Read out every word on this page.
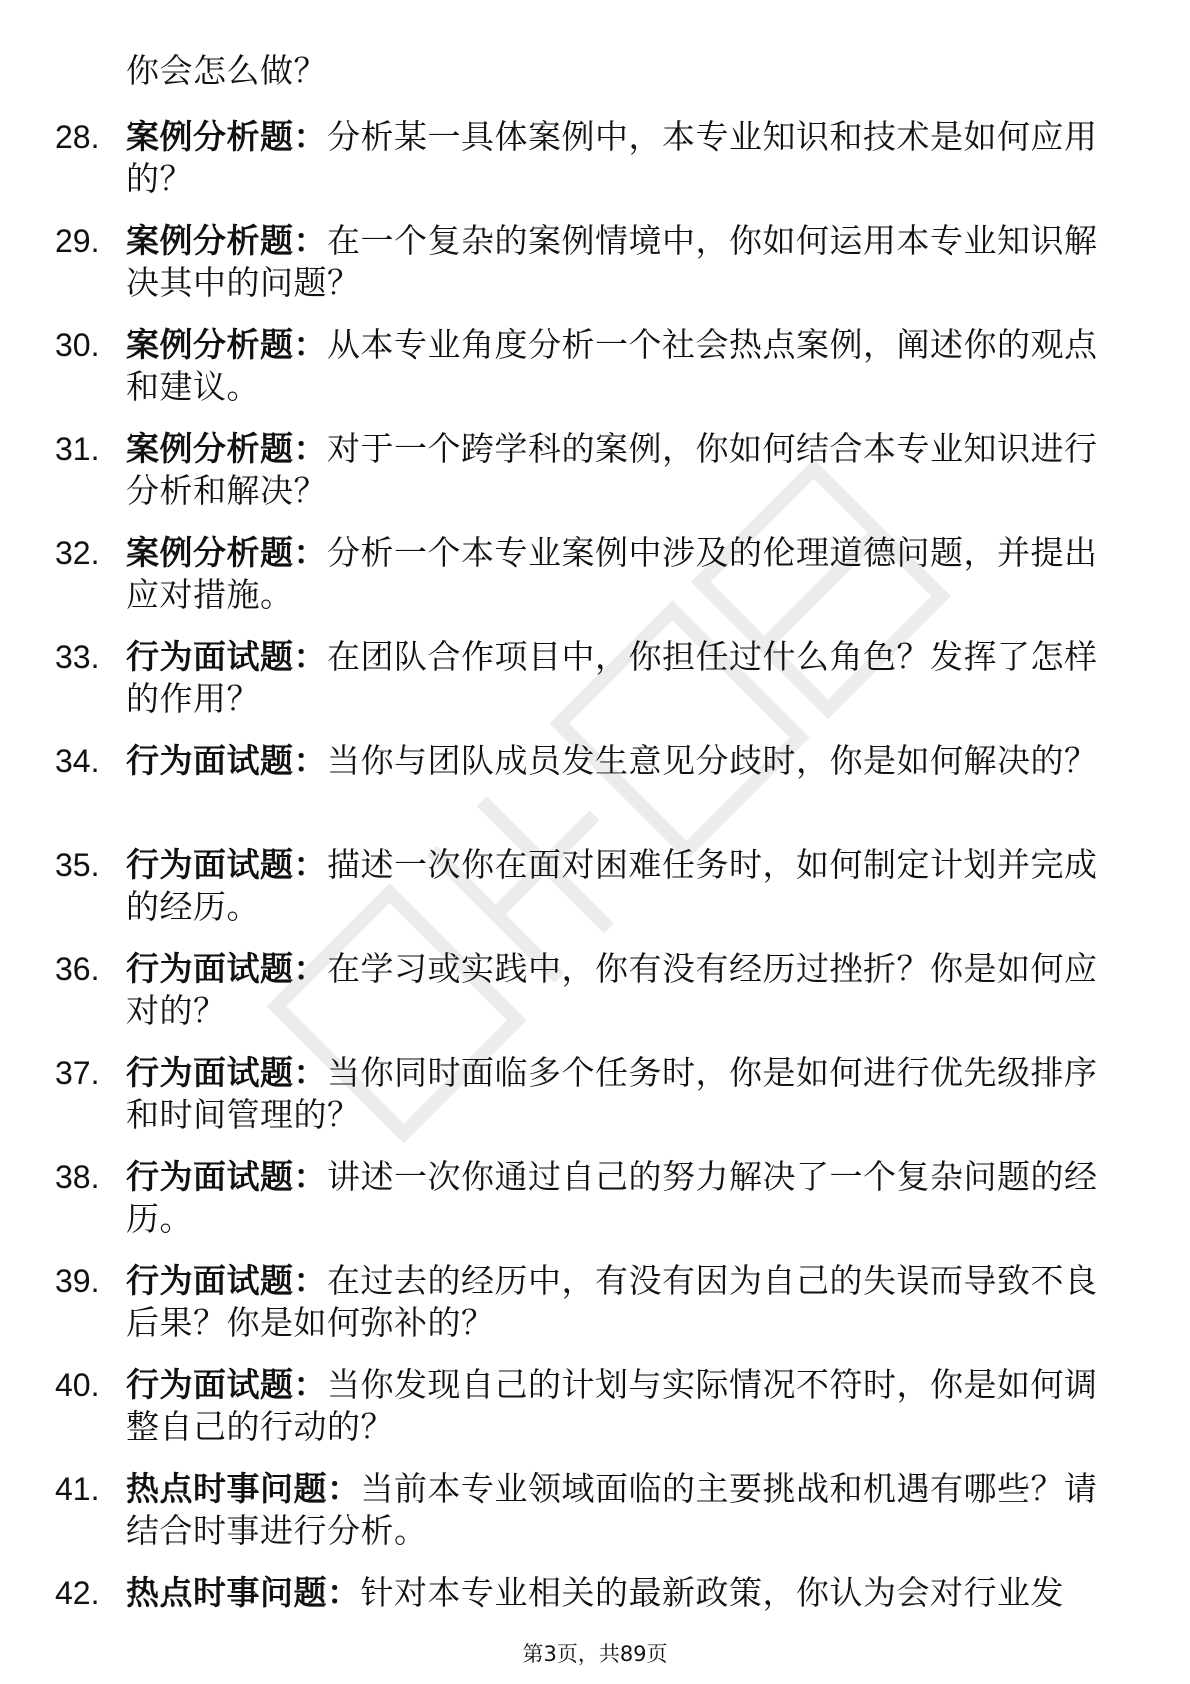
你会怎么做？
28. 案例分析题：分析某一具体案例中，本专业知识和技术是如何应用的？
29. 案例分析题：在一个复杂的案例情境中，你如何运用本专业知识解决其中的问题？
30. 案例分析题：从本专业角度分析一个社会热点案例，阐述你的观点和建议。
31. 案例分析题：对于一个跨学科的案例，你如何结合本专业知识进行分析和解决？
32. 案例分析题：分析一个本专业案例中涉及的伦理道德问题，并提出应对措施。
33. 行为面试题：在团队合作项目中，你担任过什么角色？发挥了怎样的作用？
34. 行为面试题：当你与团队成员发生意见分歧时，你是如何解决的？
35. 行为面试题：描述一次你在面对困难任务时，如何制定计划并完成的经历。
36. 行为面试题：在学习或实践中，你有没有经历过挫折？你是如何应对的？
37. 行为面试题：当你同时面临多个任务时，你是如何进行优先级排序和时间管理的？
38. 行为面试题：讲述一次你通过自己的努力解决了一个复杂问题的经历。
39. 行为面试题：在过去的经历中，有没有因为自己的失误而导致不良后果？你是如何弥补的？
40. 行为面试题：当你发现自己的计划与实际情况不符时，你是如何调整自己的行动的？
41. 热点时事问题：当前本专业领域面临的主要挑战和机遇有哪些？请结合时事进行分析。
42. 热点时事问题：针对本专业相关的最新政策，你认为会对行业发
第3页，共89页
